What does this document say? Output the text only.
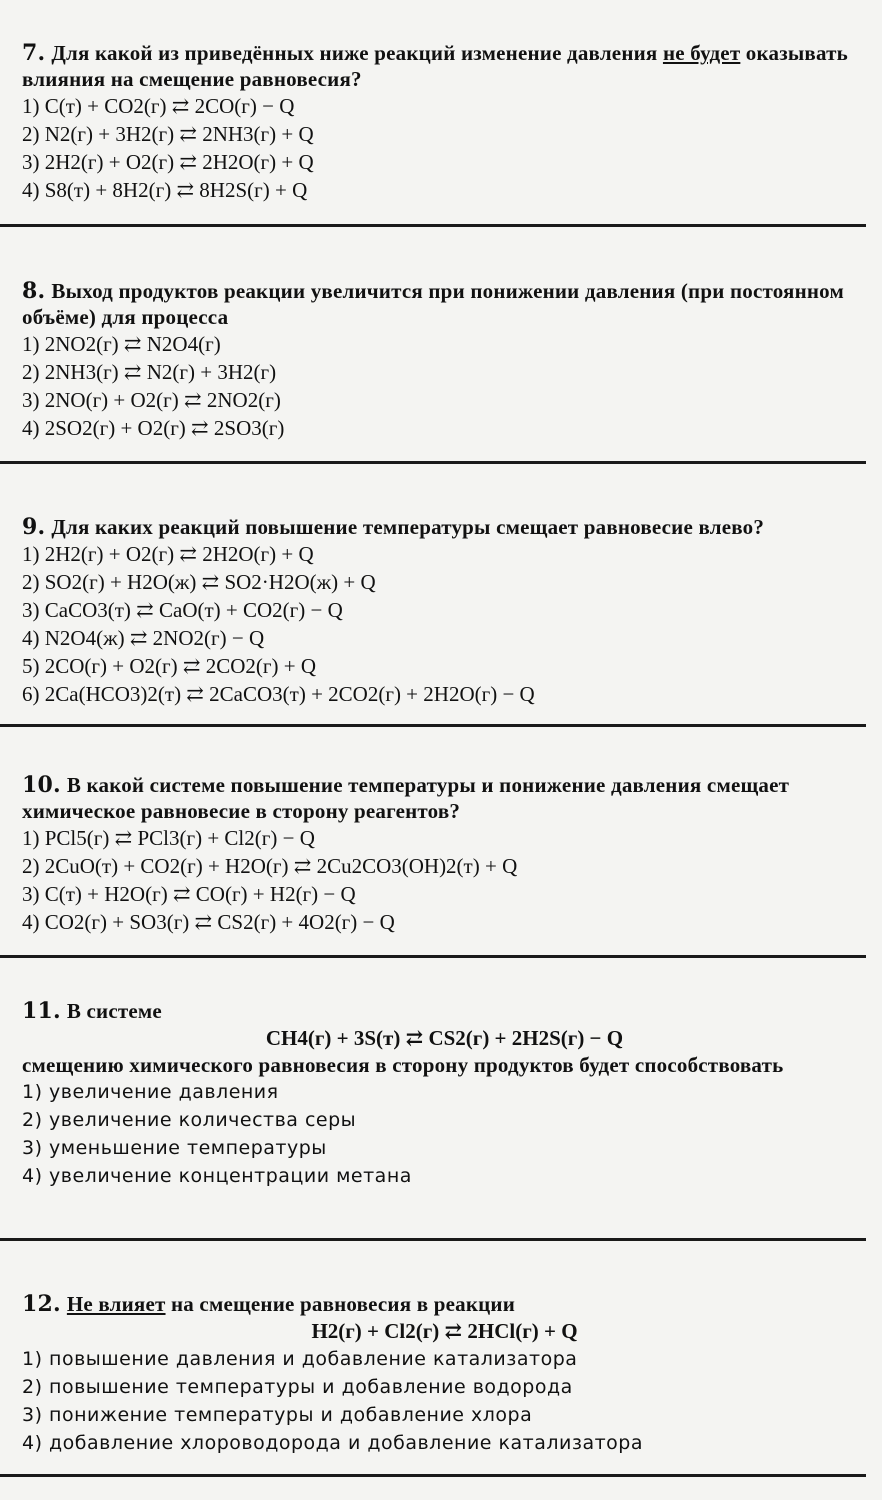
7. Для какой из приведённых ниже реакций изменение давления не будет оказывать влияния на смещение равновесия?
1) C(т) + CO2(г) ⇄ 2CO(г) − Q
2) N2(г) + 3H2(г) ⇄ 2NH3(г) + Q
3) 2H2(г) + O2(г) ⇄ 2H2O(г) + Q
4) S8(т) + 8H2(г) ⇄ 8H2S(г) + Q
8. Выход продуктов реакции увеличится при понижении давления (при постоянном объёме) для процесса
1) 2NO2(г) ⇄ N2O4(г)
2) 2NH3(г) ⇄ N2(г) + 3H2(г)
3) 2NO(г) + O2(г) ⇄ 2NO2(г)
4) 2SO2(г) + O2(г) ⇄ 2SO3(г)
9. Для каких реакций повышение температуры смещает равновесие влево?
1) 2H2(г) + O2(г) ⇄ 2H2O(г) + Q
2) SO2(г) + H2O(ж) ⇄ SO2·H2O(ж) + Q
3) CaCO3(т) ⇄ CaO(т) + CO2(г) − Q
4) N2O4(ж) ⇄ 2NO2(г) − Q
5) 2CO(г) + O2(г) ⇄ 2CO2(г) + Q
6) 2Ca(HCO3)2(т) ⇄ 2CaCO3(т) + 2CO2(г) + 2H2O(г) − Q
10. В какой системе повышение температуры и понижение давления смещает химическое равновесие в сторону реагентов?
1) PCl5(г) ⇄ PCl3(г) + Cl2(г) − Q
2) 2CuO(т) + CO2(г) + H2O(г) ⇄ 2Cu2CO3(OH)2(т) + Q
3) C(т) + H2O(г) ⇄ CO(г) + H2(г) − Q
4) CO2(г) + SO3(г) ⇄ CS2(г) + 4O2(г) − Q
11. В системе
CH4(г) + 3S(т) ⇄ CS2(г) + 2H2S(г) − Q
смещению химического равновесия в сторону продуктов будет способствовать
1) увеличение давления
2) увеличение количества серы
3) уменьшение температуры
4) увеличение концентрации метана
12. Не влияет на смещение равновесия в реакции
H2(г) + Cl2(г) ⇄ 2HCl(г) + Q
1) повышение давления и добавление катализатора
2) повышение температуры и добавление водорода
3) понижение температуры и добавление хлора
4) добавление хлороводорода и добавление катализатора
